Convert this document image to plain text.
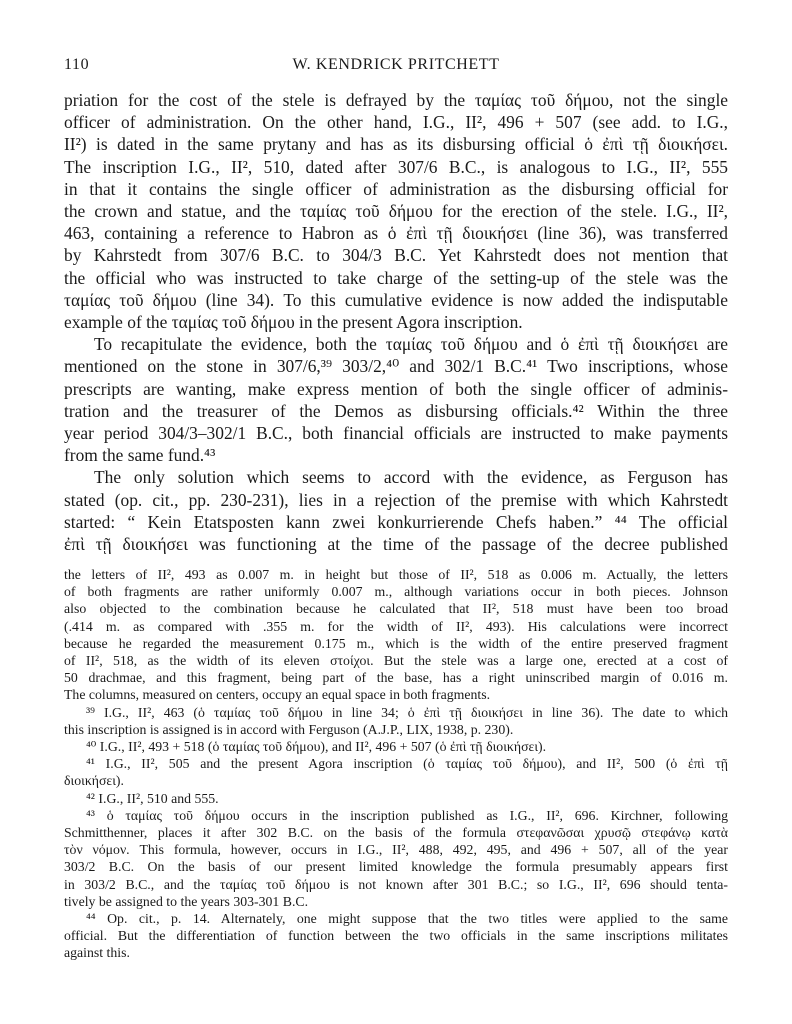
110	W. KENDRICK PRITCHETT

priation for the cost of the stele is defrayed by the ταμίας τοῦ δήμου, not the single
officer of administration. On the other hand, I.G., II², 496 + 507 (see add. to I.G.,
II²) is dated in the same prytany and has as its disbursing official ὁ ἐπὶ τῇ διοικήσει.
The inscription I.G., II², 510, dated after 307/6 B.C., is analogous to I.G., II², 555
in that it contains the single officer of administration as the disbursing official for
the crown and statue, and the ταμίας τοῦ δήμου for the erection of the stele. I.G., II²,
463, containing a reference to Habron as ὁ ἐπὶ τῇ διοικήσει (line 36), was transferred
by Kahrstedt from 307/6 B.C. to 304/3 B.C. Yet Kahrstedt does not mention that
the official who was instructed to take charge of the setting-up of the stele was the
ταμίας τοῦ δήμου (line 34). To this cumulative evidence is now added the indisputable
example of the ταμίας τοῦ δήμου in the present Agora inscription.

To recapitulate the evidence, both the ταμίας τοῦ δήμου and ὁ ἐπὶ τῇ διοικήσει are
mentioned on the stone in 307/6,³⁹ 303/2,⁴⁰ and 302/1 B.C.⁴¹ Two inscriptions, whose
prescripts are wanting, make express mention of both the single officer of adminis-
tration and the treasurer of the Demos as disbursing officials.⁴² Within the three
year period 304/3–302/1 B.C., both financial officials are instructed to make payments
from the same fund.⁴³

The only solution which seems to accord with the evidence, as Ferguson has
stated (op. cit., pp. 230-231), lies in a rejection of the premise with which Kahrstedt
started: “ Kein Etatsposten kann zwei konkurrierende Chefs haben.” ⁴⁴ The official
ἐπὶ τῇ διοικήσει was functioning at the time of the passage of the decree published

the letters of II², 493 as 0.007 m. in height but those of II², 518 as 0.006 m. Actually, the letters
of both fragments are rather uniformly 0.007 m., although variations occur in both pieces. Johnson
also objected to the combination because he calculated that II², 518 must have been too broad
(.414 m. as compared with .355 m. for the width of II², 493). His calculations were incorrect
because he regarded the measurement 0.175 m., which is the width of the entire preserved fragment
of II², 518, as the width of its eleven στοίχοι. But the stele was a large one, erected at a cost of
50 drachmae, and this fragment, being part of the base, has a right uninscribed margin of 0.016 m.
The columns, measured on centers, occupy an equal space in both fragments.
³⁹ I.G., II², 463 (ὁ ταμίας τοῦ δήμου in line 34; ὁ ἐπὶ τῇ διοικήσει in line 36). The date to which
this inscription is assigned is in accord with Ferguson (A.J.P., LIX, 1938, p. 230).
⁴⁰ I.G., II², 493 + 518 (ὁ ταμίας τοῦ δήμου), and II², 496 + 507 (ὁ ἐπὶ τῇ διοικήσει).
⁴¹ I.G., II², 505 and the present Agora inscription (ὁ ταμίας τοῦ δήμου), and II², 500 (ὁ ἐπὶ τῇ
διοικήσει).
⁴² I.G., II², 510 and 555.
⁴³ ὁ ταμίας τοῦ δήμου occurs in the inscription published as I.G., II², 696. Kirchner, following
Schmitthenner, places it after 302 B.C. on the basis of the formula στεφανῶσαι χρυσῷ στεφάνῳ κατὰ
τὸν νόμον. This formula, however, occurs in I.G., II², 488, 492, 495, and 496 + 507, all of the year
303/2 B.C. On the basis of our present limited knowledge the formula presumably appears first
in 303/2 B.C., and the ταμίας τοῦ δήμου is not known after 301 B.C.; so I.G., II², 696 should tenta-
tively be assigned to the years 303-301 B.C.
⁴⁴ Op. cit., p. 14. Alternately, one might suppose that the two titles were applied to the same
official. But the differentiation of function between the two officials in the same inscriptions militates
against this.
